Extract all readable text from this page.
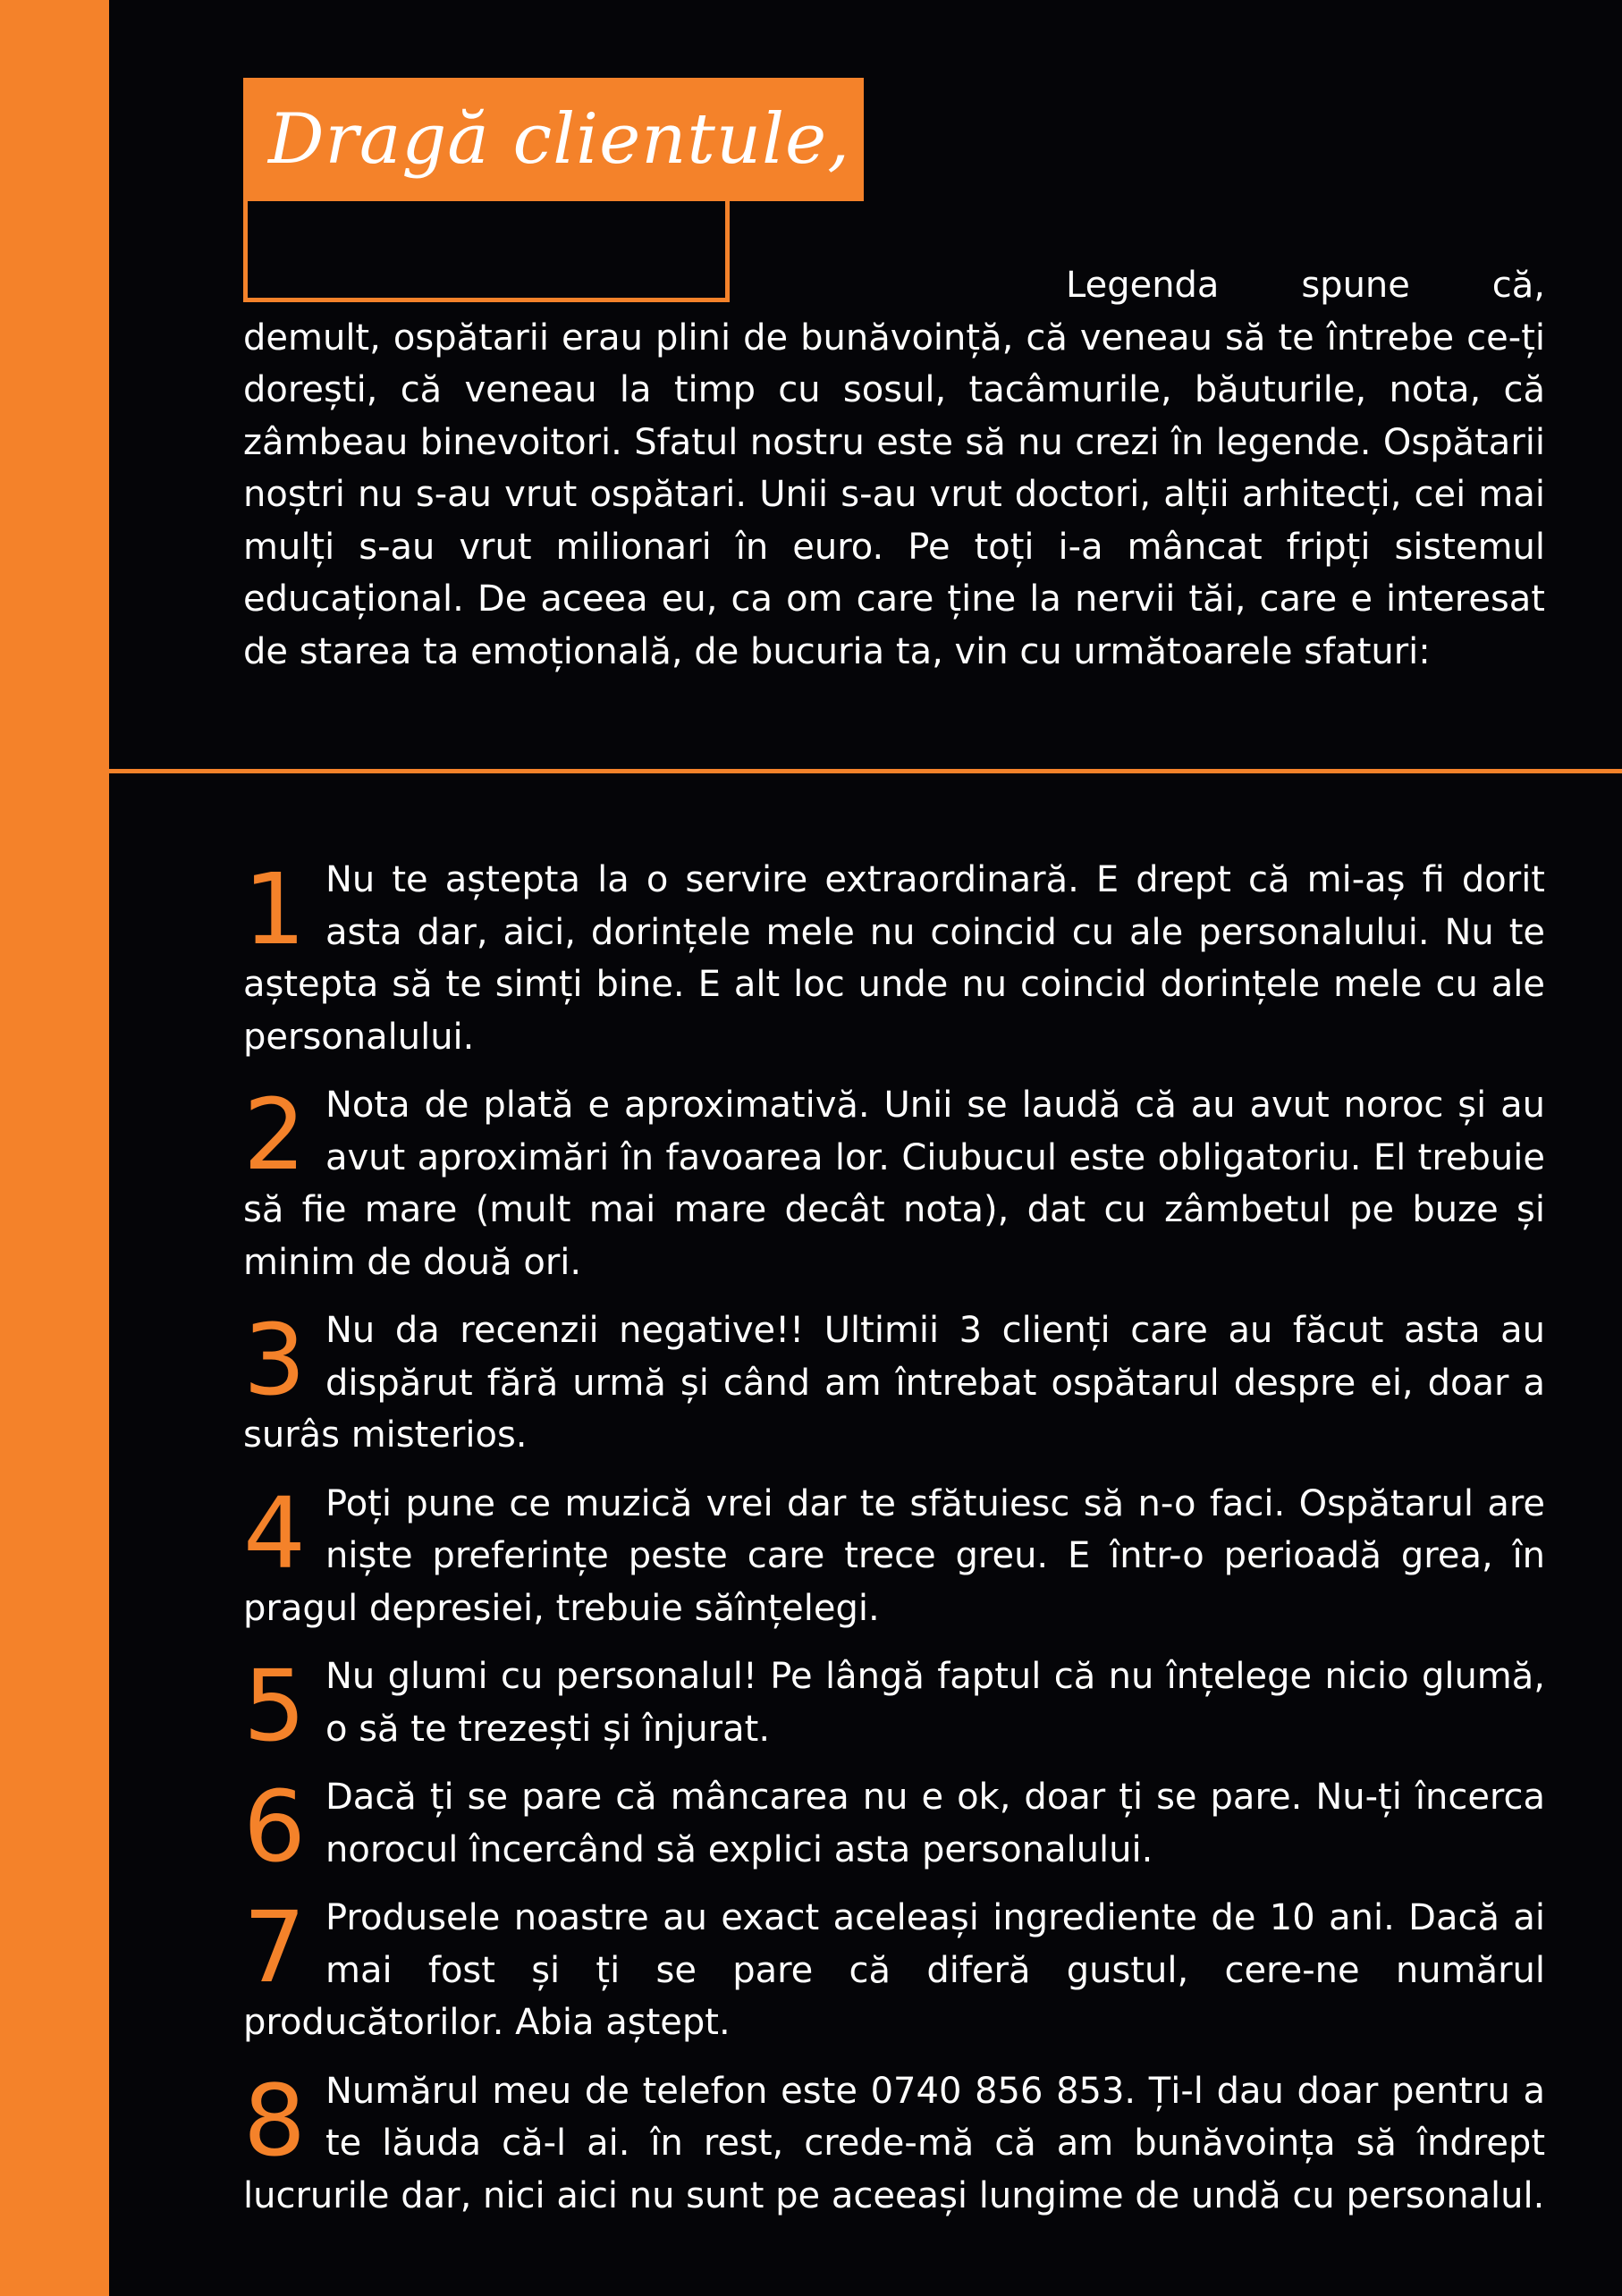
Dragă clientule,

Legenda spune că, demult, ospătarii erau plini de bunăvoință, că veneau să te întrebe ce-ți dorești, că veneau la timp cu sosul, tacâmurile, băuturile, nota, că zâmbeau binevoitori. Sfatul nostru este să nu crezi în legende. Ospătarii noștri nu s-au vrut ospătari. Unii s-au vrut doctori, alții arhitecți, cei mai mulți s-au vrut milionari în euro. Pe toți i-a mâncat fripți sistemul educațional. De aceea eu, ca om care ține la nervii tăi, care e interesat de starea ta emoțională, de bucuria ta, vin cu următoarele sfaturi:

1 Nu te aștepta la o servire extraordinară. E drept că mi-aș fi dorit asta dar, aici, dorințele mele nu coincid cu ale personalului. Nu te aștepta să te simți bine. E alt loc unde nu coincid dorințele mele cu ale personalului.
2 Nota de plată e aproximativă. Unii se laudă că au avut noroc și au avut aproximări în favoarea lor. Ciubucul este obligatoriu. El trebuie să fie mare (mult mai mare decât nota), dat cu zâmbetul pe buze și minim de două ori.
3 Nu da recenzii negative!! Ultimii 3 clienți care au făcut asta au dispărut fără urmă și când am întrebat ospătarul despre ei, doar a surâs misterios.
4 Poți pune ce muzică vrei dar te sfătuiesc să n-o faci. Ospătarul are niște preferințe peste care trece greu. E într-o perioadă grea, în pragul depresiei, trebuie săînțelegi.
5 Nu glumi cu personalul! Pe lângă faptul că nu înțelege nicio glumă, o să te trezești și înjurat.
6 Dacă ți se pare că mâncarea nu e ok, doar ți se pare. Nu-ți încerca norocul încercând să explici asta personalului.
7 Produsele noastre au exact aceleași ingrediente de 10 ani. Dacă ai mai fost și ți se pare că diferă gustul, cere-ne numărul producătorilor. Abia aștept.
8 Numărul meu de telefon este 0740 856 853. Ți-l dau doar pentru a te lăuda că-l ai. în rest, crede-mă că am bunăvoința să îndrept lucrurile dar, nici aici nu sunt pe aceeași lungime de undă cu personalul.
